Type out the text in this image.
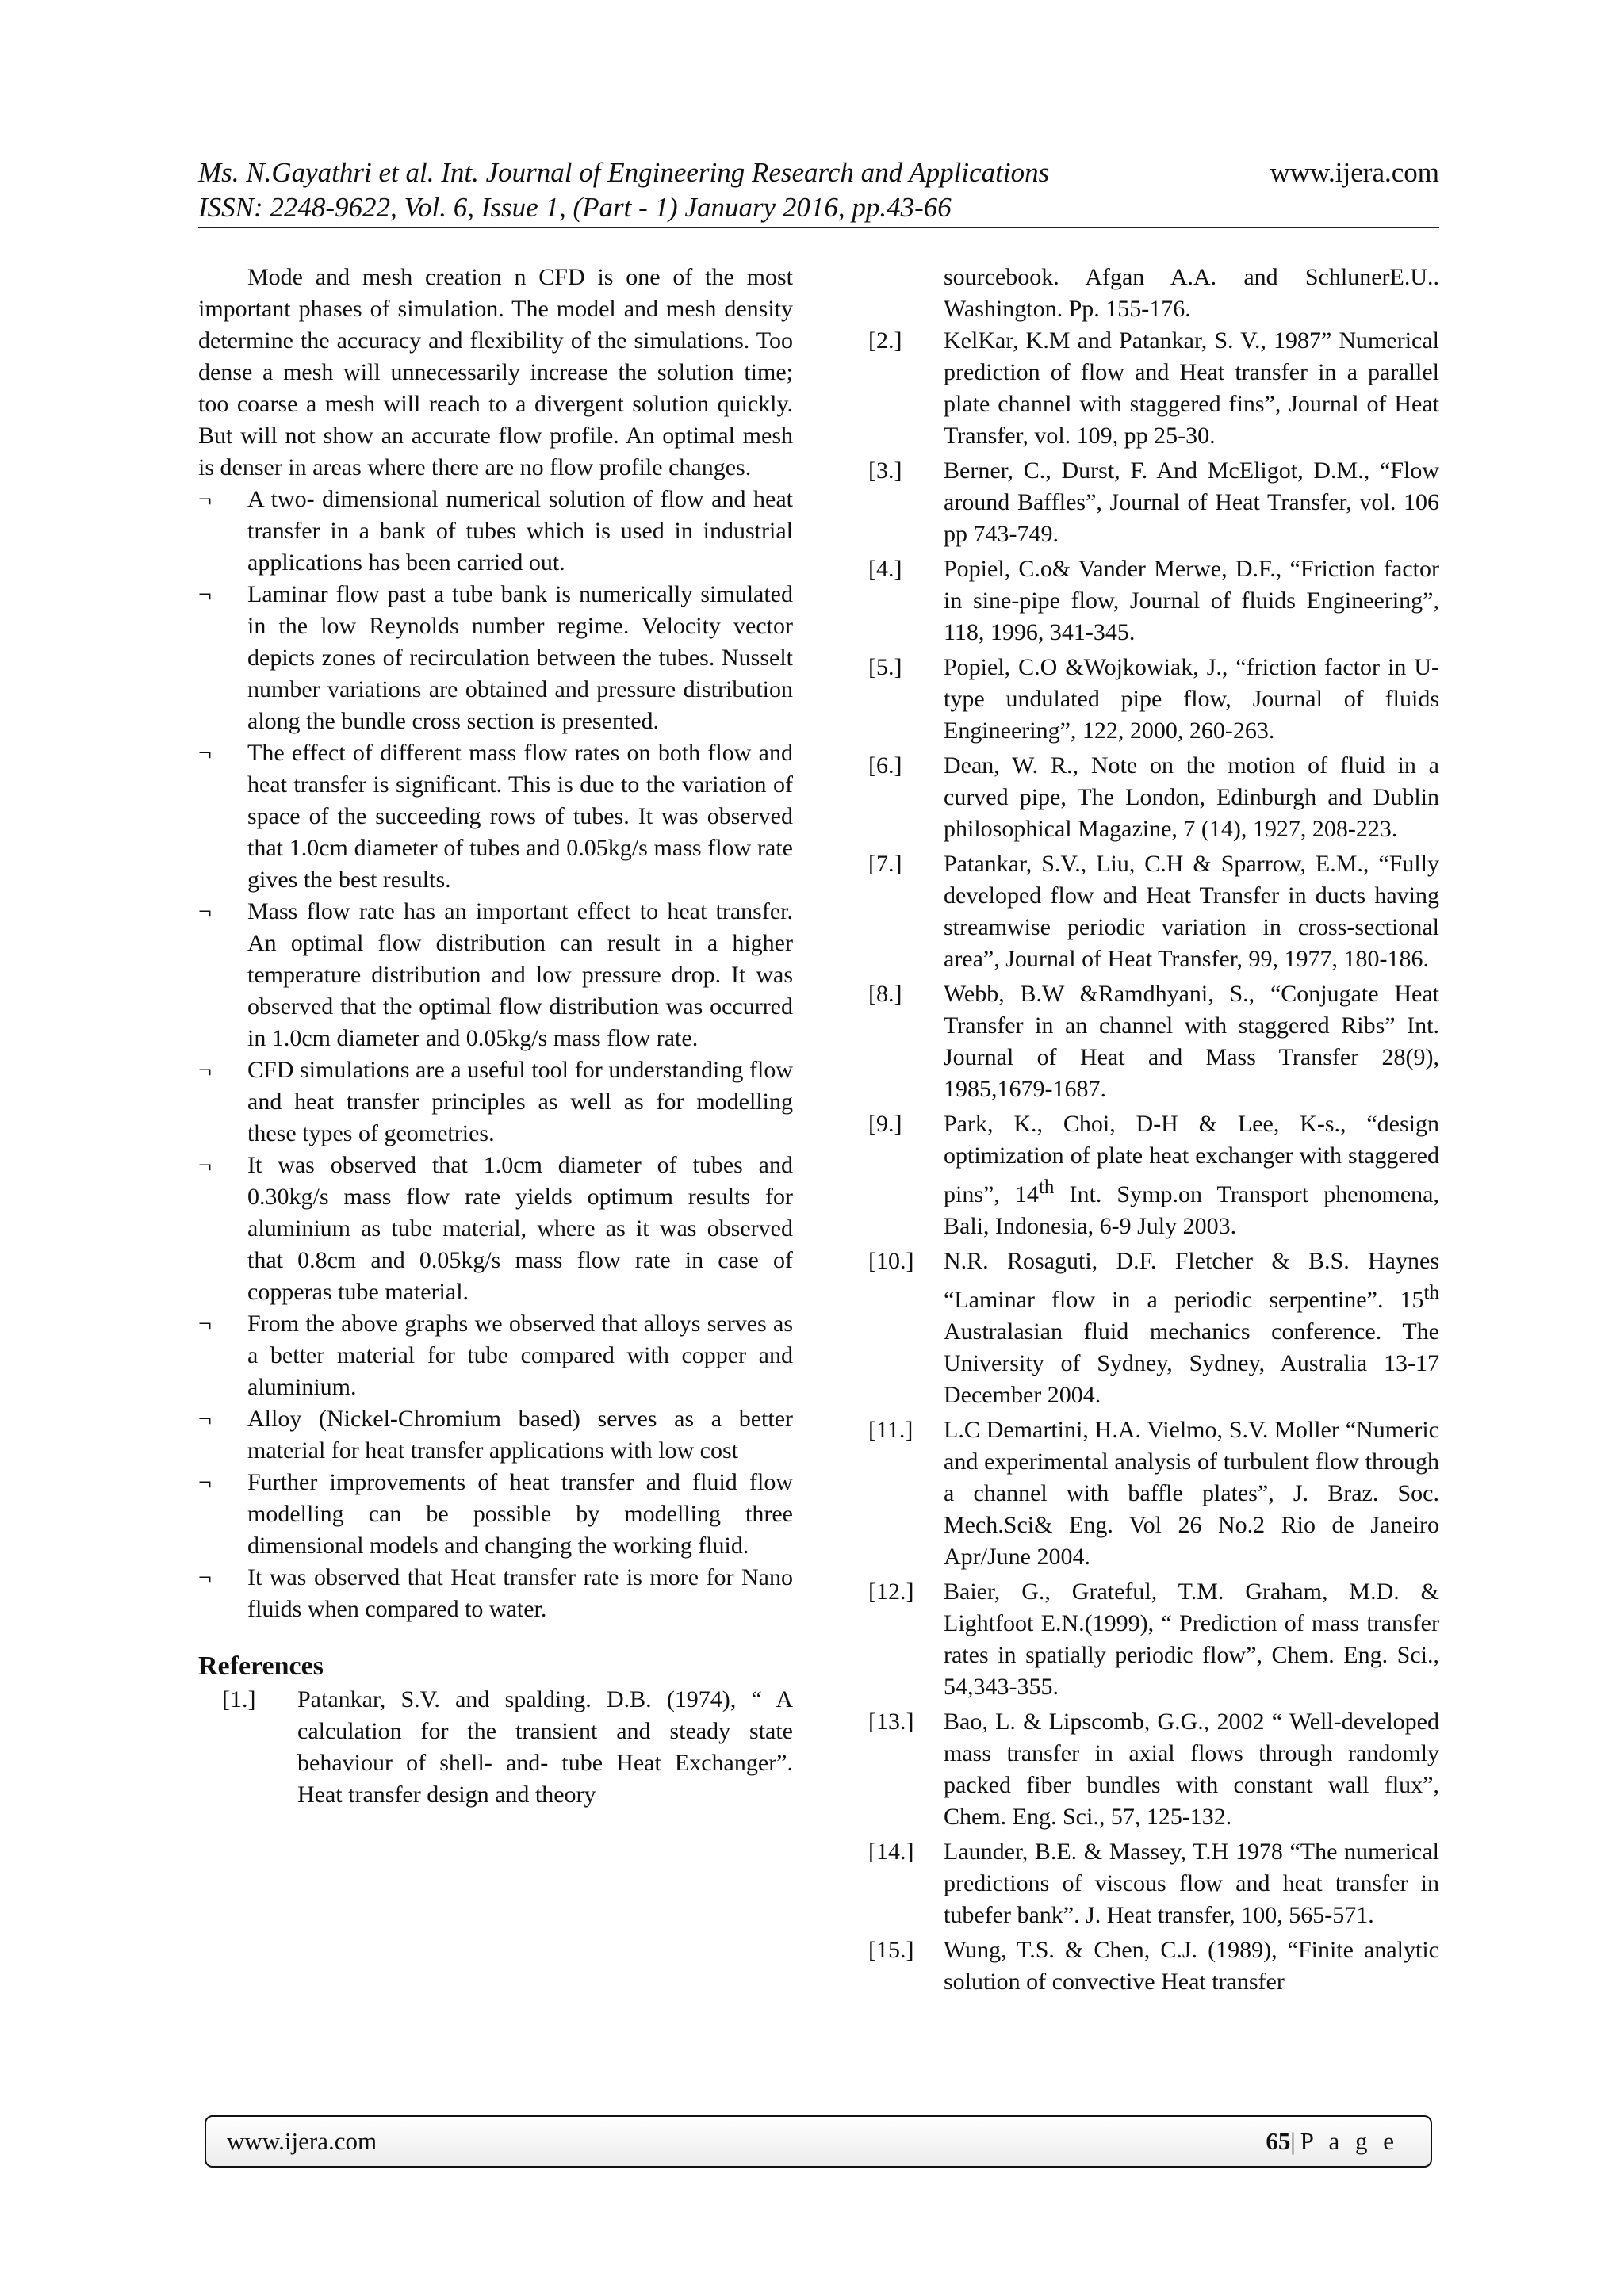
Ms. N.Gayathri et al. Int. Journal of Engineering Research and Applications	www.ijera.com
ISSN: 2248-9622, Vol. 6, Issue 1, (Part - 1) January 2016, pp.43-66

Mode and mesh creation n CFD is one of the most important phases of simulation. The model and mesh density determine the accuracy and flexibility of the simulations. Too dense a mesh will unnecessarily increase the solution time; too coarse a mesh will reach to a divergent solution quickly. But will not show an accurate flow profile. An optimal mesh is denser in areas where there are no flow profile changes.

¬	A two- dimensional numerical solution of flow and heat transfer in a bank of tubes which is used in industrial applications has been carried out.
¬	Laminar flow past a tube bank is numerically simulated in the low Reynolds number regime. Velocity vector depicts zones of recirculation between the tubes. Nusselt number variations are obtained and pressure distribution along the bundle cross section is presented.
¬	The effect of different mass flow rates on both flow and heat transfer is significant. This is due to the variation of space of the succeeding rows of tubes. It was observed that 1.0cm diameter of tubes and 0.05kg/s mass flow rate gives the best results.
¬	Mass flow rate has an important effect to heat transfer. An optimal flow distribution can result in a higher temperature distribution and low pressure drop. It was observed that the optimal flow distribution was occurred in 1.0cm diameter and 0.05kg/s mass flow rate.
¬	CFD simulations are a useful tool for understanding flow and heat transfer principles as well as for modelling these types of geometries.
¬	It was observed that 1.0cm diameter of tubes and 0.30kg/s mass flow rate yields optimum results for aluminium as tube material, where as it was observed that 0.8cm and 0.05kg/s mass flow rate in case of copperas tube material.
¬	From the above graphs we observed that alloys serves as a better material for tube compared with copper and aluminium.
¬	Alloy (Nickel-Chromium based) serves as a better material for heat transfer applications with low cost
¬	Further improvements of heat transfer and fluid flow modelling can be possible by modelling three dimensional models and changing the working fluid.
¬	It was observed that Heat transfer rate is more for Nano fluids when compared to water.
References
[1.]	Patankar, S.V. and spalding. D.B. (1974), “ A calculation for the transient and steady state behaviour of shell- and- tube Heat Exchanger”. Heat transfer design and theory
sourcebook. Afgan A.A. and SchlunerE.U.. Washington. Pp. 155-176.
[2.]	KelKar, K.M and Patankar, S. V., 1987” Numerical prediction of flow and Heat transfer in a parallel plate channel with staggered fins”, Journal of Heat Transfer, vol. 109, pp 25-30.
[3.]	Berner, C., Durst, F. And McEligot, D.M., “Flow around Baffles”, Journal of Heat Transfer, vol. 106 pp 743-749.
[4.]	Popiel, C.o& Vander Merwe, D.F., “Friction factor in sine-pipe flow, Journal of fluids Engineering”, 118, 1996, 341-345.
[5.]	Popiel, C.O &Wojkowiak, J., “friction factor in U-type undulated pipe flow, Journal of fluids Engineering”, 122, 2000, 260-263.
[6.]	Dean, W. R., Note on the motion of fluid in a curved pipe, The London, Edinburgh and Dublin philosophical Magazine, 7 (14), 1927, 208-223.
[7.]	Patankar, S.V., Liu, C.H & Sparrow, E.M., “Fully developed flow and Heat Transfer in ducts having streamwise periodic variation in cross-sectional area”, Journal of Heat Transfer, 99, 1977, 180-186.
[8.]	Webb, B.W &Ramdhyani, S., “Conjugate Heat Transfer in an channel with staggered Ribs” Int. Journal of Heat and Mass Transfer 28(9), 1985,1679-1687.
[9.]	Park, K., Choi, D-H & Lee, K-s., “design optimization of plate heat exchanger with staggered pins”, 14th Int. Symp.on Transport phenomena, Bali, Indonesia, 6-9 July 2003.
[10.]	N.R. Rosaguti, D.F. Fletcher & B.S. Haynes “Laminar flow in a periodic serpentine”. 15th Australasian fluid mechanics conference. The University of Sydney, Sydney, Australia 13-17 December 2004.
[11.]	L.C Demartini, H.A. Vielmo, S.V. Moller “Numeric and experimental analysis of turbulent flow through a channel with baffle plates”, J. Braz. Soc. Mech.Sci& Eng. Vol 26 No.2 Rio de Janeiro Apr/June 2004.
[12.]	Baier, G., Grateful, T.M. Graham, M.D. & Lightfoot E.N.(1999), “ Prediction of mass transfer rates in spatially periodic flow”, Chem. Eng. Sci., 54,343-355.
[13.]	Bao, L. & Lipscomb, G.G., 2002 “ Well-developed mass transfer in axial flows through randomly packed fiber bundles with constant wall flux”, Chem. Eng. Sci., 57, 125-132.
[14.]	Launder, B.E. & Massey, T.H 1978 “The numerical predictions of viscous flow and heat transfer in tubefer bank”. J. Heat transfer, 100, 565-571.
[15.]	Wung, T.S. & Chen, C.J. (1989), “Finite analytic solution of convective Heat transfer
www.ijera.com	65|P a g e
